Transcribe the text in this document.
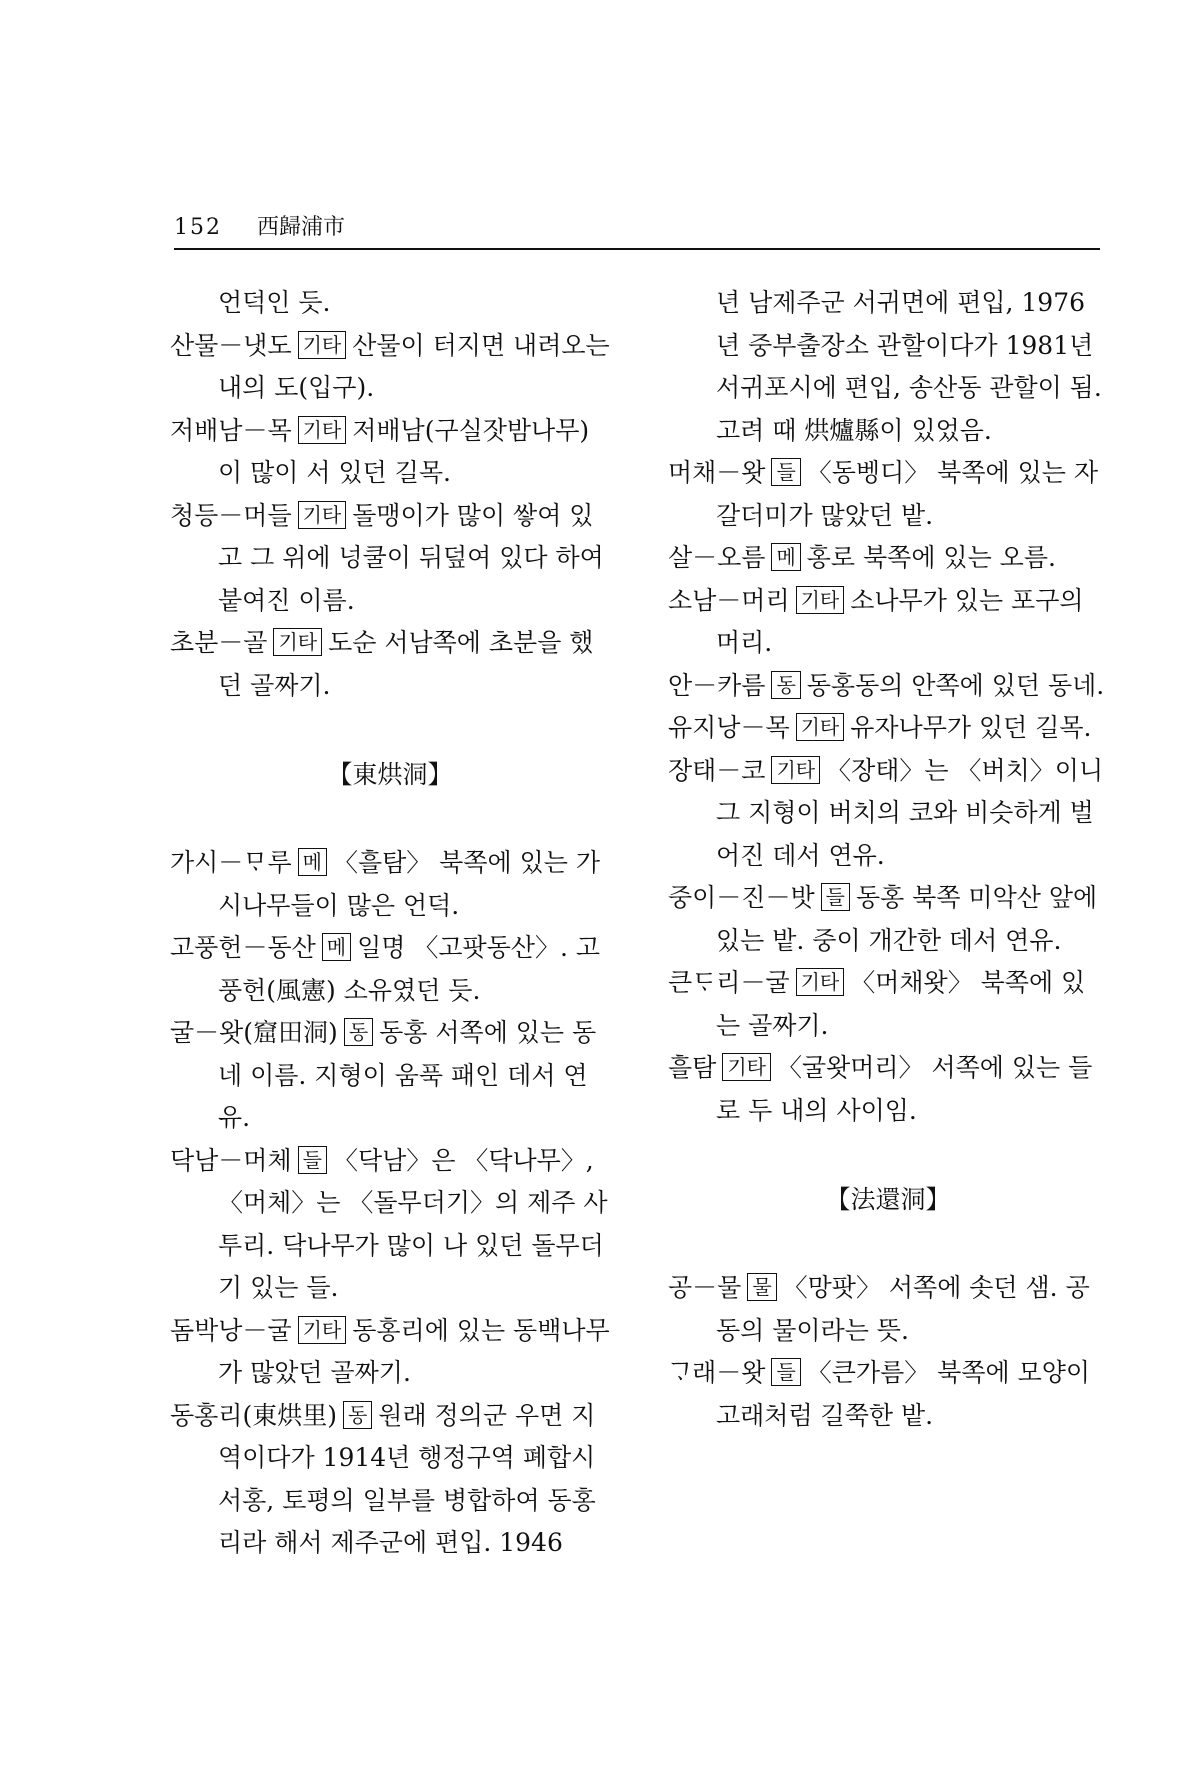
152 西歸浦市
언덕인 듯.
산물－냇도 기타 산물이 터지면 내려오는 내의 도(입구).
저배남－목 기타 저배남(구실잣밤나무)이 많이 서 있던 길목.
청등－머들 기타 돌맹이가 많이 쌓여 있고 그 위에 넝쿨이 뒤덮여 있다 하여 붙여진 이름.
초분－골 기타 도순 서남쪽에 초분을 했던 골짜기.
【東烘洞】
가시－ᄆᆞ루 메 〈흘탐〉 북쪽에 있는 가시나무들이 많은 언덕.
고풍헌－동산 메 일명 〈고팟동산〉. 고풍헌(風憲) 소유였던 듯.
굴－왓(窟田洞) 동 동홍 서쪽에 있는 동네 이름. 지형이 움푹 패인 데서 연유.
닥남－머체 들 〈닥남〉은 〈닥나무〉, 〈머체〉는 〈돌무더기〉의 제주 사투리. 닥나무가 많이 나 있던 돌무더기 있는 들.
돔박낭－굴 기타 동홍리에 있는 동백나무가 많았던 골짜기.
동홍리(東烘里) 동 원래 정의군 우면 지역이다가 1914년 행정구역 폐합시 서홍, 토평의 일부를 병합하여 동홍리라 해서 제주군에 편입. 1946
년 남제주군 서귀면에 편입, 1976년 중부출장소 관할이다가 1981년 서귀포시에 편입, 송산동 관할이 됨. 고려 때 烘爐縣이 있었음.
머채－왓 들 〈동벵디〉 북쪽에 있는 자갈더미가 많았던 밭.
살－오름 메 홍로 북쪽에 있는 오름.
소남－머리 기타 소나무가 있는 포구의 머리.
안－카름 동 동홍동의 안쪽에 있던 동네.
유지낭－목 기타 유자나무가 있던 길목.
장태－코 기타 〈장태〉는 〈버치〉이니 그 지형이 버치의 코와 비슷하게 벌어진 데서 연유.
중이－진－밧 들 동홍 북쪽 미악산 앞에 있는 밭. 중이 개간한 데서 연유.
큰ᄃᆞ리－굴 기타 〈머채왓〉 북쪽에 있는 골짜기.
흘탐 기타 〈굴왓머리〉 서쪽에 있는 들로 두 내의 사이임.
【法還洞】
공－물 물 〈망팟〉 서쪽에 솟던 샘. 공동의 물이라는 뜻.
ᄀᆞ래－왓 들 〈큰가름〉 북쪽에 모양이 고래처럼 길쭉한 밭.
